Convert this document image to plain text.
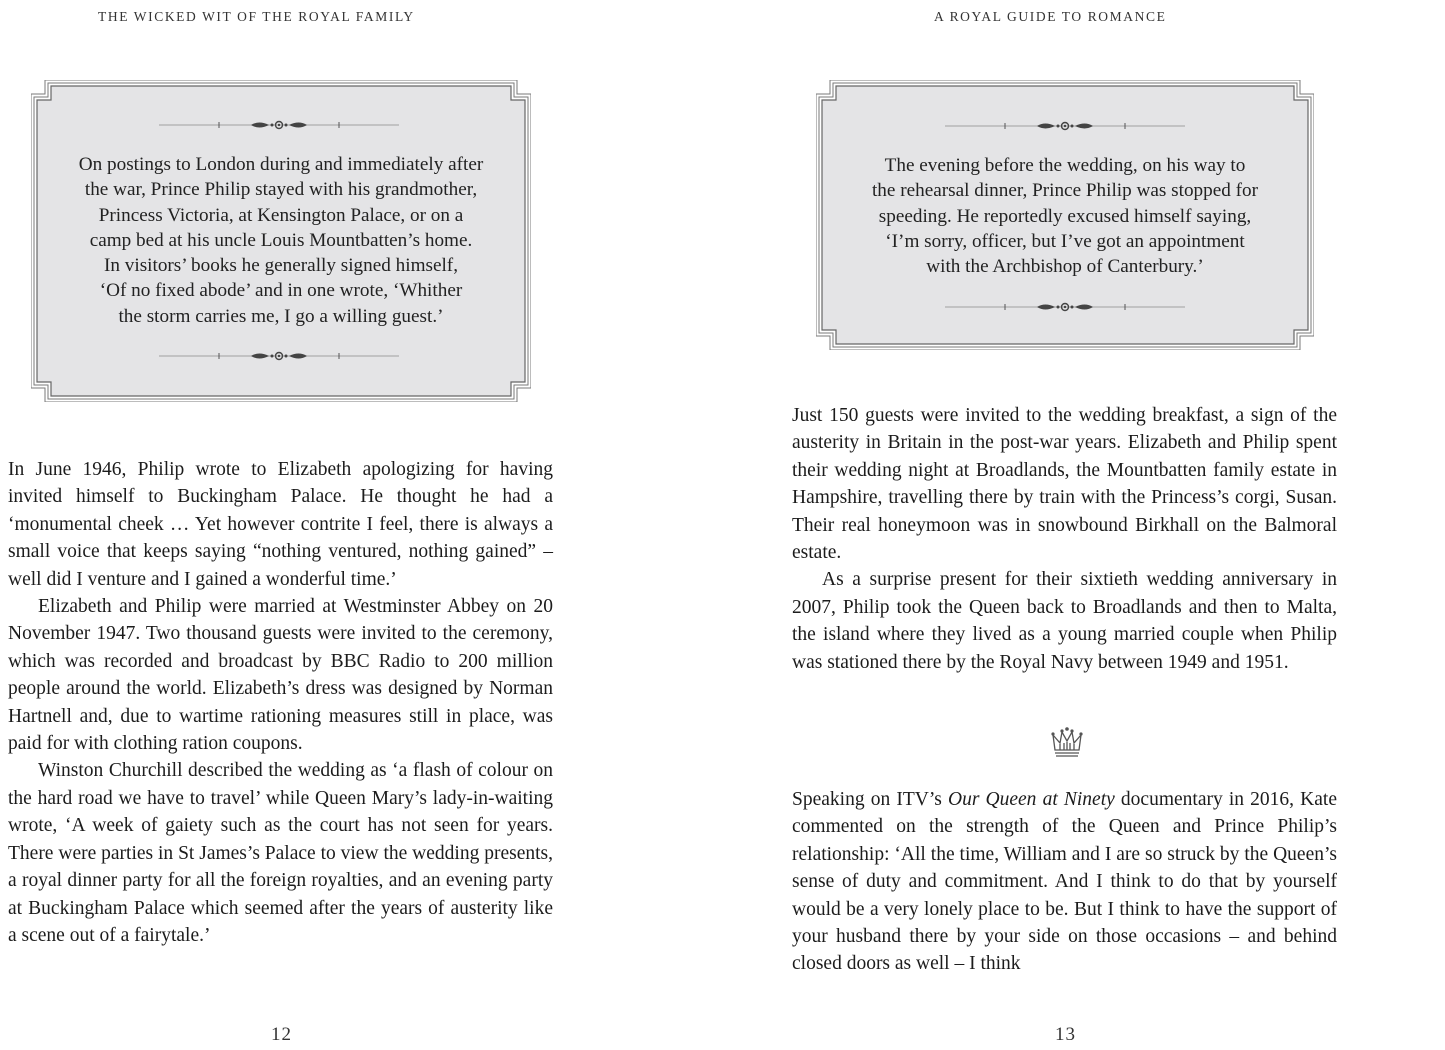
THE WICKED WIT OF THE ROYAL FAMILY
On postings to London during and immediately after
the war, Prince Philip stayed with his grandmother,
Princess Victoria, at Kensington Palace, or on a
camp bed at his uncle Louis Mountbatten’s home.
In visitors’ books he generally signed himself,
‘Of no fixed abode’ and in one wrote, ‘Whither
the storm carries me, I go a willing guest.’

In June 1946, Philip wrote to Elizabeth apologizing for having invited himself to Buckingham Palace. He thought he had a ‘monumental cheek … Yet however contrite I feel, there is always a small voice that keeps saying “nothing ventured, nothing gained” – well did I venture and I gained a wonderful time.’

Elizabeth and Philip were married at Westminster Abbey on 20 November 1947. Two thousand guests were invited to the ceremony, which was recorded and broadcast by BBC Radio to 200 million people around the world. Elizabeth’s dress was designed by Norman Hartnell and, due to wartime rationing measures still in place, was paid for with clothing ration coupons.

Winston Churchill described the wedding as ‘a flash of colour on the hard road we have to travel’ while Queen Mary’s lady-in-waiting wrote, ‘A week of gaiety such as the court has not seen for years. There were parties in St James’s Palace to view the wedding presents, a royal dinner party for all the foreign royalties, and an evening party at Buckingham Palace which seemed after the years of austerity like a scene out of a fairytale.’

12
A ROYAL GUIDE TO ROMANCE
The evening before the wedding, on his way to
the rehearsal dinner, Prince Philip was stopped for
speeding. He reportedly excused himself saying,
‘I’m sorry, officer, but I’ve got an appointment
with the Archbishop of Canterbury.’

Just 150 guests were invited to the wedding breakfast, a sign of the austerity in Britain in the post-war years. Elizabeth and Philip spent their wedding night at Broadlands, the Mountbatten family estate in Hampshire, travelling there by train with the Princess’s corgi, Susan. Their real honeymoon was in snowbound Birkhall on the Balmoral estate.

As a surprise present for their sixtieth wedding anniversary in 2007, Philip took the Queen back to Broadlands and then to Malta, the island where they lived as a young married couple when Philip was stationed there by the Royal Navy between 1949 and 1951.

Speaking on ITV’s Our Queen at Ninety documentary in 2016, Kate commented on the strength of the Queen and Prince Philip’s relationship: ‘All the time, William and I are so struck by the Queen’s sense of duty and commitment. And I think to do that by yourself would be a very lonely place to be. But I think to have the support of your husband there by your side on those occasions – and behind closed doors as well – I think

13
